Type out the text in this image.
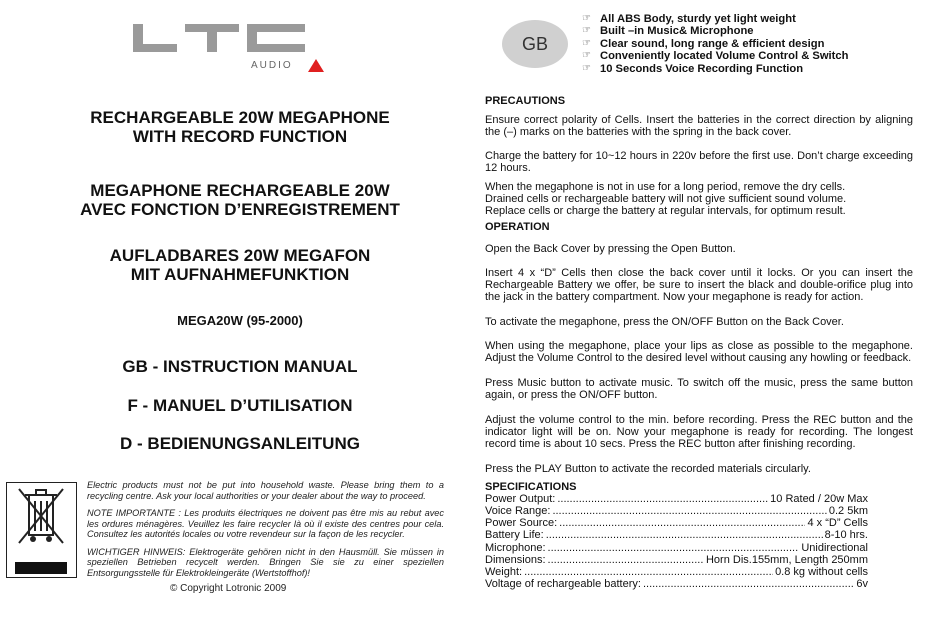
AUDIO
RECHARGEABLE 20W MEGAPHONE
WITH RECORD FUNCTION
MEGAPHONE RECHARGEABLE 20W
AVEC FONCTION D’ENREGISTREMENT
AUFLADBARES 20W MEGAFON
MIT AUFNAHMEFUNKTION
MEGA20W (95-2000)
GB - INSTRUCTION MANUAL
F - MANUEL D’UTILISATION
D - BEDIENUNGSANLEITUNG

Electric products must not be put into household waste. Please bring them to a recycling centre. Ask your local authorities or your dealer about the way to proceed.

NOTE IMPORTANTE : Les produits électriques ne doivent pas être mis au rebut avec les ordures ménagères. Veuillez les faire recycler là où il existe des centres pour cela. Consultez les autorités locales ou votre revendeur sur la façon de les recycler.

WICHTIGER HINWEIS: Elektrogeräte gehören nicht in den Hausmüll. Sie müssen in speziellen Betrieben recycelt werden. Bringen Sie sie zu einer speziellen Entsorgungsstelle für Elektrokleingeräte (Wertstoffhof)!

© Copyright Lotronic 2009
GB
☞ All ABS Body, sturdy yet light weight
☞ Built –in Music& Microphone
☞ Clear sound, long range & efficient design
☞ Conveniently located Volume Control & Switch
☞ 10 Seconds Voice Recording Function
PRECAUTIONS
Ensure correct polarity of Cells. Insert the batteries in the correct direction by aligning the (–) marks on the batteries with the spring in the back cover.
Charge the battery for 10~12 hours in 220v before the first use. Don’t charge exceeding 12 hours.

When the megaphone is not in use for a long period, remove the dry cells.

Drained cells or rechargeable battery will not give sufficient sound volume.

Replace cells or charge the battery at regular intervals, for optimum result.

OPERATION
Open the Back Cover by pressing the Open Button.
Insert 4 x “D” Cells then close the back cover until it locks. Or you can insert the Rechargeable Battery we offer, be sure to insert the black and double-orifice plug into the jack in the battery compartment. Now your megaphone is ready for action.
To activate the megaphone, press the ON/OFF Button on the Back Cover.
When using the megaphone, place your lips as close as possible to the megaphone. Adjust the Volume Control to the desired level without causing any howling or feedback.
Press Music button to activate music. To switch off the music, press the same button again, or press the ON/OFF button.
Adjust the volume control to the min. before recording. Press the REC button and the indicator light will be on. Now your megaphone is ready for recording. The longest record time is about 10 secs. Press the REC button after finishing recording.
Press the PLAY Button to activate the recorded materials circularly.
SPECIFICATIONS
Power Output: .....	10 Rated / 20w Max
Voice Range: .....	0.2 5km
Power Source: .....	4 x “D” Cells
Battery Life: .....	8-10 hrs.
Microphone: .....	Unidirectional
Dimensions: .....	Horn Dis.155mm, Length 250mm
Weight: .....	0.8 kg without cells
Voltage of rechargeable battery: .....	6v
